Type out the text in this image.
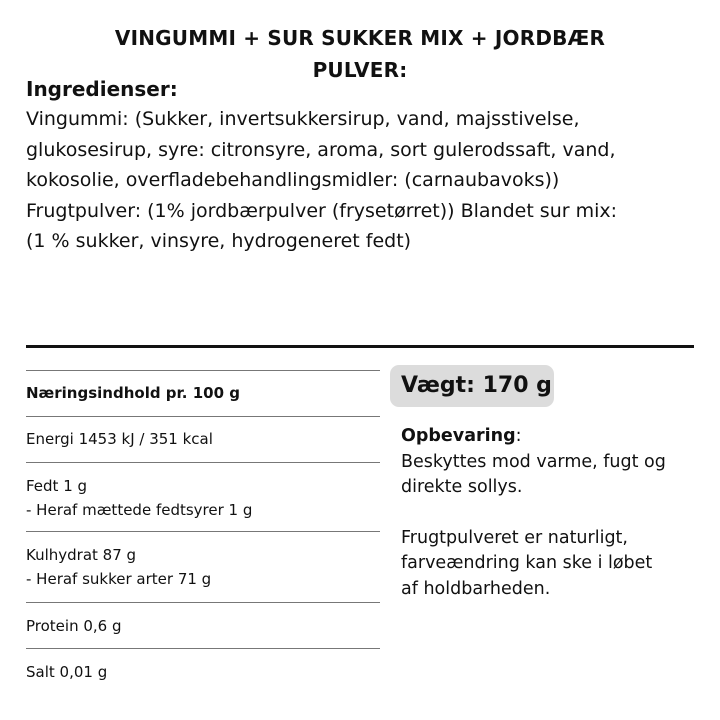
VINGUMMI + SUR SUKKER MIX + JORDBÆR
PULVER:
Ingredienser:
Vingummi: (Sukker, invertsukkersirup, vand, majsstivelse,
glukosesirup, syre: citronsyre, aroma, sort gulerodssaft, vand,
kokosolie, overfladebehandlingsmidler: (carnaubavoks))
Frugtpulver: (1% jordbærpulver (frysetørret)) Blandet sur mix:
(1 % sukker, vinsyre, hydrogeneret fedt)
Næringsindhold pr. 100 g
Energi 1453 kJ / 351 kcal
Fedt 1 g
- Heraf mættede fedtsyrer 1 g
Kulhydrat 87 g
- Heraf sukker arter 71 g
Protein 0,6 g
Salt 0,01 g
Vægt: 170 g

Opbevaring:

Beskyttes mod varme, fugt og

direkte sollys.

Frugtpulveret er naturligt,

farveændring kan ske i løbet

af holdbarheden.
